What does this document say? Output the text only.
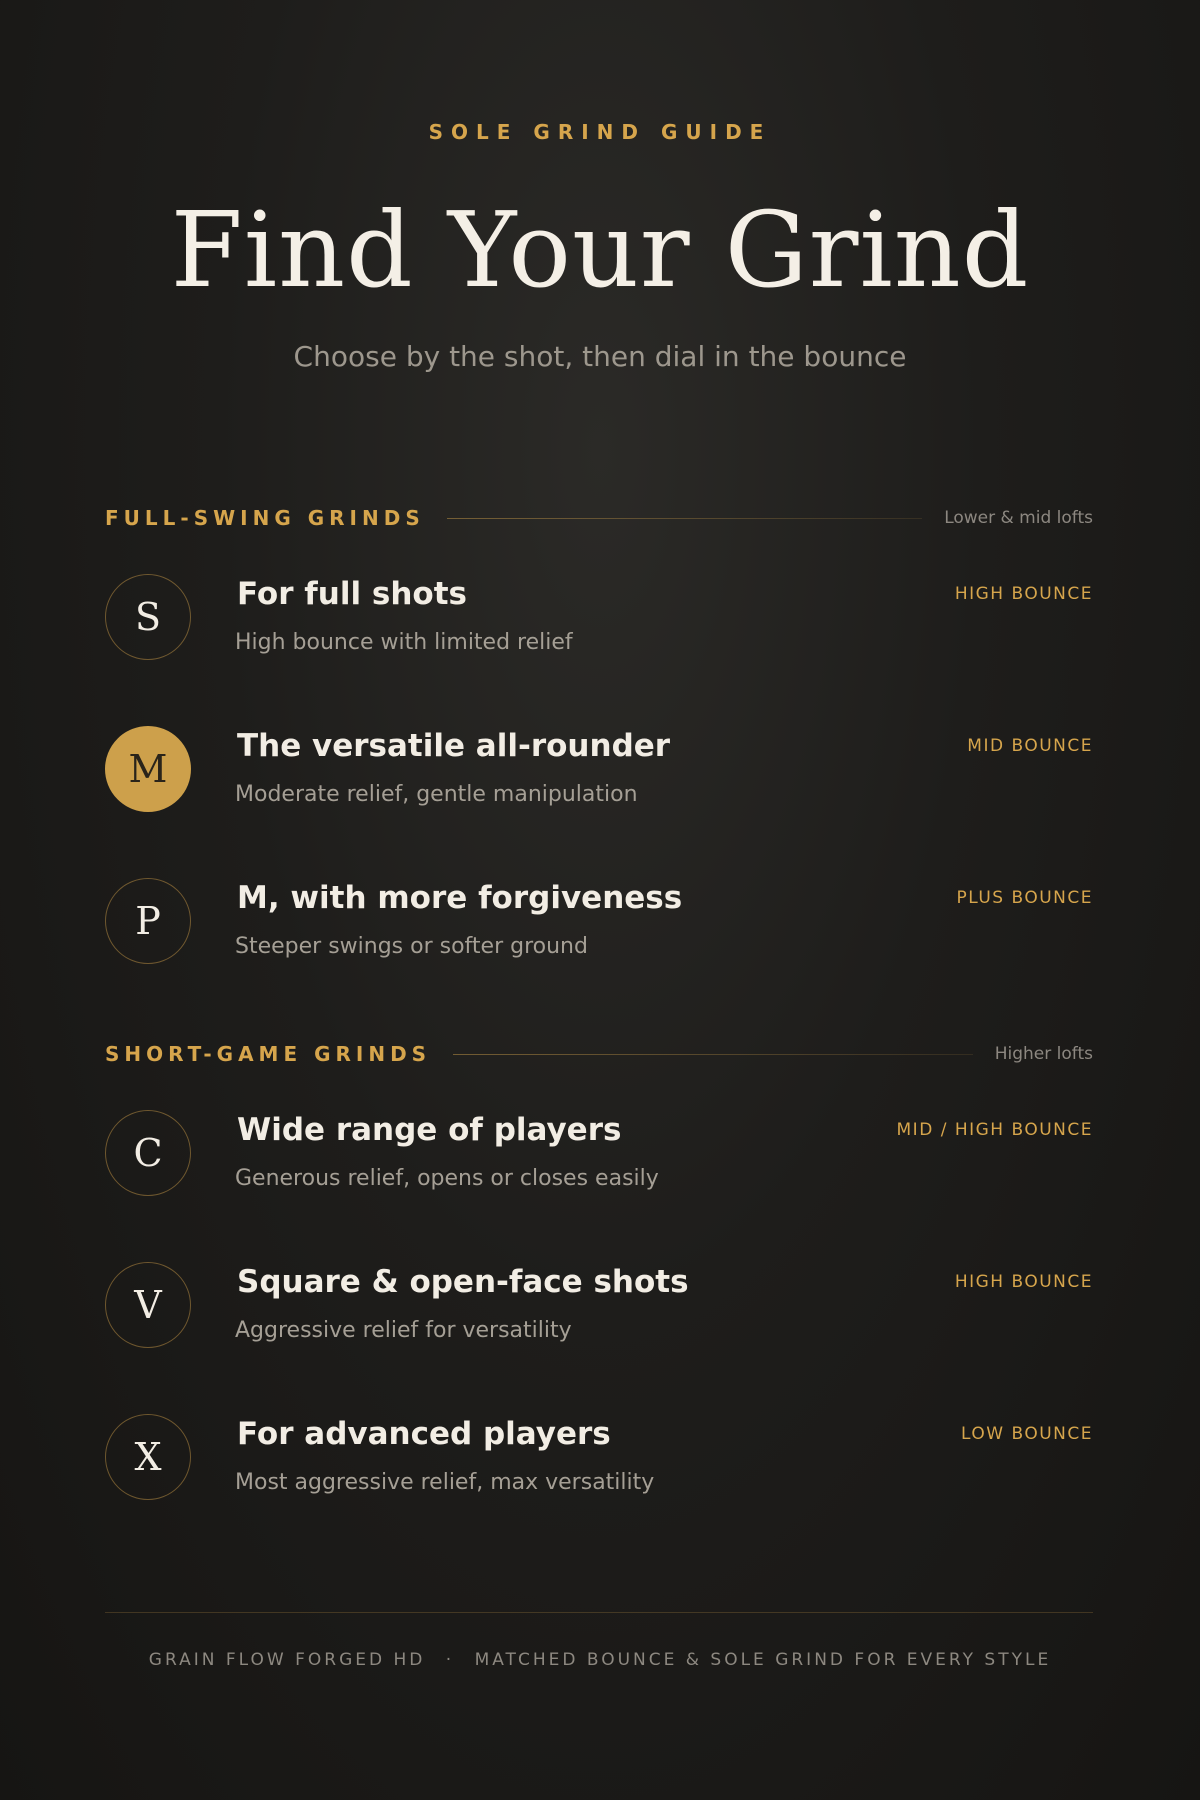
SOLE GRIND GUIDE
Find Your Grind
Choose by the shot, then dial in the bounce
FULL-SWING GRINDS	Lower & mid lofts
S
For full shots
High bounce with limited relief
HIGH BOUNCE
M
The versatile all-rounder
Moderate relief, gentle manipulation
MID BOUNCE
P
M, with more forgiveness
Steeper swings or softer ground
PLUS BOUNCE
SHORT-GAME GRINDS	Higher lofts
C
Wide range of players
Generous relief, opens or closes easily
MID / HIGH BOUNCE
V
Square & open-face shots
Aggressive relief for versatility
HIGH BOUNCE
X
For advanced players
Most aggressive relief, max versatility
LOW BOUNCE
GRAIN FLOW FORGED HD · MATCHED BOUNCE & SOLE GRIND FOR EVERY STYLE
